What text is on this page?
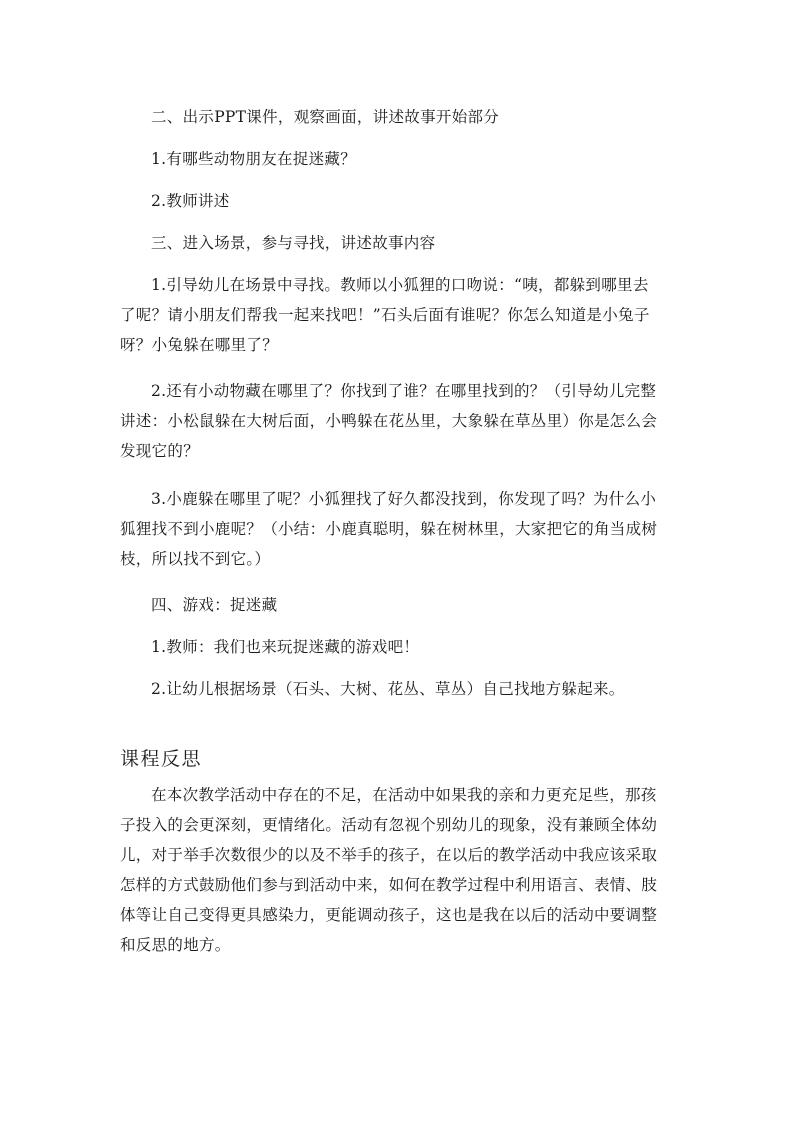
二、出示PPT课件，观察画面，讲述故事开始部分

1.有哪些动物朋友在捉迷藏？

2.教师讲述

三、进入场景，参与寻找，讲述故事内容

1.引导幼儿在场景中寻找。教师以小狐狸的口吻说：“咦，都躲到哪里去
了呢？请小朋友们帮我一起来找吧！”石头后面有谁呢？你怎么知道是小兔子
呀？小兔躲在哪里了？
2.还有小动物藏在哪里了？你找到了谁？在哪里找到的？（引导幼儿完整
讲述：小松鼠躲在大树后面，小鸭躲在花丛里，大象躲在草丛里）你是怎么会
发现它的？
3.小鹿躲在哪里了呢？小狐狸找了好久都没找到，你发现了吗？为什么小
狐狸找不到小鹿呢？（小结：小鹿真聪明，躲在树林里，大家把它的角当成树
枝，所以找不到它。）

四、游戏：捉迷藏

1.教师：我们也来玩捉迷藏的游戏吧！

2.让幼儿根据场景（石头、大树、花丛、草丛）自己找地方躲起来。

课程反思
在本次教学活动中存在的不足，在活动中如果我的亲和力更充足些，那孩
子投入的会更深刻，更情绪化。活动有忽视个别幼儿的现象，没有兼顾全体幼
儿，对于举手次数很少的以及不举手的孩子，在以后的教学活动中我应该采取
怎样的方式鼓励他们参与到活动中来，如何在教学过程中利用语言、表情、肢
体等让自己变得更具感染力，更能调动孩子，这也是我在以后的活动中要调整
和反思的地方。
